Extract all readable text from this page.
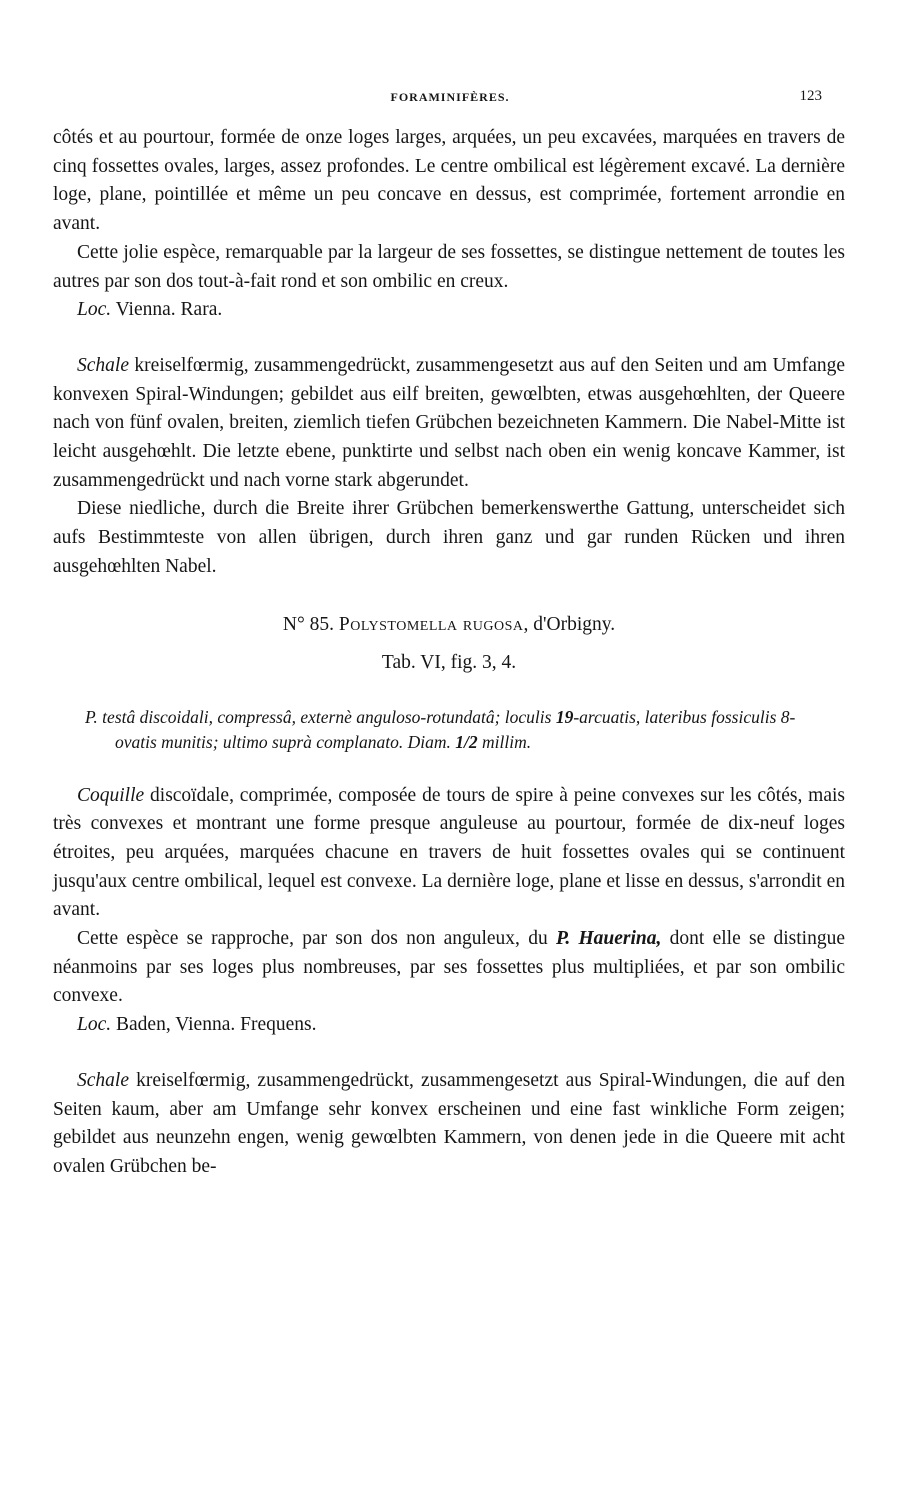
FORAMINIFÈRES.	123

côtés et au pourtour, formée de onze loges larges, arquées, un peu excavées, marquées en travers de cinq fossettes ovales, larges, assez profondes. Le centre ombilical est légèrement excavé. La dernière loge, plane, pointillée et même un peu concave en dessus, est comprimée, fortement arrondie en avant.

Cette jolie espèce, remarquable par la largeur de ses fossettes, se distingue nettement de toutes les autres par son dos tout-à-fait rond et son ombilic en creux.

Loc. Vienna. Rara.

Schale kreiselfœrmig, zusammengedrückt, zusammengesetzt aus auf den Seiten und am Umfange konvexen Spiral-Windungen; gebildet aus eilf breiten, gewœlbten, etwas ausgehœhlten, der Queere nach von fünf ovalen, breiten, ziemlich tiefen Grübchen bezeichneten Kammern. Die Nabel-Mitte ist leicht ausgehœhlt. Die letzte ebene, punktirte und selbst nach oben ein wenig koncave Kammer, ist zusammengedrückt und nach vorne stark abgerundet.

Diese niedliche, durch die Breite ihrer Grübchen bemerkenswerthe Gattung, unterscheidet sich aufs Bestimmteste von allen übrigen, durch ihren ganz und gar runden Rücken und ihren ausgehœhlten Nabel.

N° 85. Polystomella rugosa, d'Orbigny.

Tab. VI, fig. 3, 4.

P. testâ discoidali, compressâ, externè anguloso-rotundatâ; loculis 19-arcuatis, lateribus fossiculis 8-ovatis munitis; ultimo suprà complanato. Diam. 1/2 millim.

Coquille discoïdale, comprimée, composée de tours de spire à peine convexes sur les côtés, mais très convexes et montrant une forme presque anguleuse au pourtour, formée de dix-neuf loges étroites, peu arquées, marquées chacune en travers de huit fossettes ovales qui se continuent jusqu'aux centre ombilical, lequel est convexe. La dernière loge, plane et lisse en dessus, s'arrondit en avant.

Cette espèce se rapproche, par son dos non anguleux, du P. Hauerina, dont elle se distingue néanmoins par ses loges plus nombreuses, par ses fossettes plus multipliées, et par son ombilic convexe.

Loc. Baden, Vienna. Frequens.

Schale kreiselfœrmig, zusammengedrückt, zusammengesetzt aus Spiral-Windungen, die auf den Seiten kaum, aber am Umfange sehr konvex erscheinen und eine fast winkliche Form zeigen; gebildet aus neunzehn engen, wenig gewœlbten Kammern, von denen jede in die Queere mit acht ovalen Grübchen be-
